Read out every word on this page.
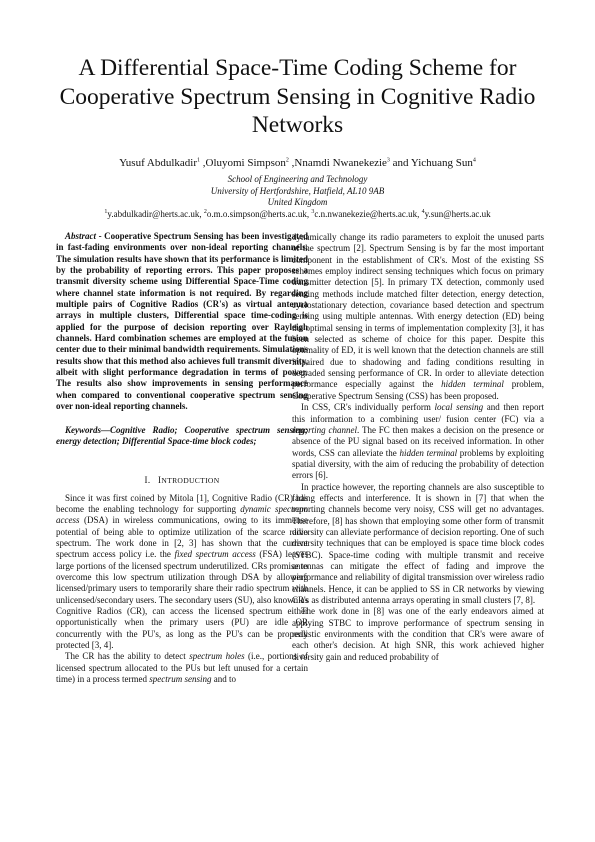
A Differential Space-Time Coding Scheme for Cooperative Spectrum Sensing in Cognitive Radio Networks
Yusuf Abdulkadir$^1$ ,Oluyomi Simpson$^2$ ,Nnamdi Nwanekezie$^3$ and Yichuang Sun$^4$
School of Engineering and Technology
University of Hertfordshire, Hatfield, AL10 9AB
United Kingdom
$^1$y.abdulkadir@herts.ac.uk, $^2$o.m.o.simpson@herts.ac.uk, $^3$c.n.nwanekezie@herts.ac.uk, $^4$y.sun@herts.ac.uk

Abstract - Cooperative Spectrum Sensing has been investigated in fast-fading environments over non-ideal reporting channels. The simulation results have shown that its performance is limited by the probability of reporting errors. This paper proposes a transmit diversity scheme using Differential Space-Time coding where channel state information is not required. By regarding multiple pairs of Cognitive Radios (CR's) as virtual antenna arrays in multiple clusters, Differential space time-coding is applied for the purpose of decision reporting over Rayleigh channels. Hard combination schemes are employed at the fusion center due to their minimal bandwidth requirements. Simulations results show that this method also achieves full transmit diversity, albeit with slight performance degradation in terms of power. The results also show improvements in sensing performance when compared to conventional cooperative spectrum sensing over non-ideal reporting channels.

Keywords—Cognitive Radio; Cooperative spectrum sensing; energy detection; Differential Space-time block codes;

I. INTRODUCTION

Since it was first coined by Mitola [1], Cognitive Radio (CR) has become the enabling technology for supporting dynamic spectrum access (DSA) in wireless communications, owing to its immense potential of being able to optimize utilization of the scarce radio spectrum. The work done in [2, 3] has shown that the current spectrum access policy i.e. the fixed spectrum access (FSA) leaves large portions of the licensed spectrum underutilized. CRs promise to overcome this low spectrum utilization through DSA by allowing licensed/primary users to temporarily share their radio spectrum with unlicensed/secondary users. The secondary users (SU), also known as Cognitive Radios (CR), can access the licensed spectrum either opportunistically when the primary users (PU) are idle OR concurrently with the PU's, as long as the PU's can be properly protected [3, 4].

The CR has the ability to detect spectrum holes (i.e., portions of licensed spectrum allocated to the PUs but left unused for a certain time) in a process termed spectrum sensing and to

dynamically change its radio parameters to exploit the unused parts of the spectrum [2]. Spectrum Sensing is by far the most important component in the establishment of CR's. Most of the existing SS schemes employ indirect sensing techniques which focus on primary transmitter detection [5]. In primary TX detection, commonly used sensing methods include matched filter detection, energy detection, cyclostationary detection, covariance based detection and spectrum sensing using multiple antennas. With energy detection (ED) being the optimal sensing in terms of implementation complexity [3], it has been selected as scheme of choice for this paper. Despite this optimality of ED, it is well known that the detection channels are still impaired due to shadowing and fading conditions resulting in degraded sensing performance of CR. In order to alleviate detection performance especially against the hidden terminal problem, Cooperative Spectrum Sensing (CSS) has been proposed.

In CSS, CR's individually perform local sensing and then report this information to a combining user/ fusion center (FC) via a reporting channel. The FC then makes a decision on the presence or absence of the PU signal based on its received information. In other words, CSS can alleviate the hidden terminal problems by exploiting spatial diversity, with the aim of reducing the probability of detection errors [6].

In practice however, the reporting channels are also susceptible to fading effects and interference. It is shown in [7] that when the reporting channels become very noisy, CSS will get no advantages. Therefore, [8] has shown that employing some other form of transmit diversity can alleviate performance of decision reporting. One of such diversity techniques that can be employed is space time block codes (STBC). Space-time coding with multiple transmit and receive antennas can mitigate the effect of fading and improve the performance and reliability of digital transmission over wireless radio channels. Hence, it can be applied to SS in CR networks by viewing CR's as distributed antenna arrays operating in small clusters [7, 8].

The work done in [8] was one of the early endeavors aimed at applying STBC to improve performance of spectrum sensing in realistic environments with the condition that CR's were aware of each other's decision. At high SNR, this work achieved higher diversity gain and reduced probability of
